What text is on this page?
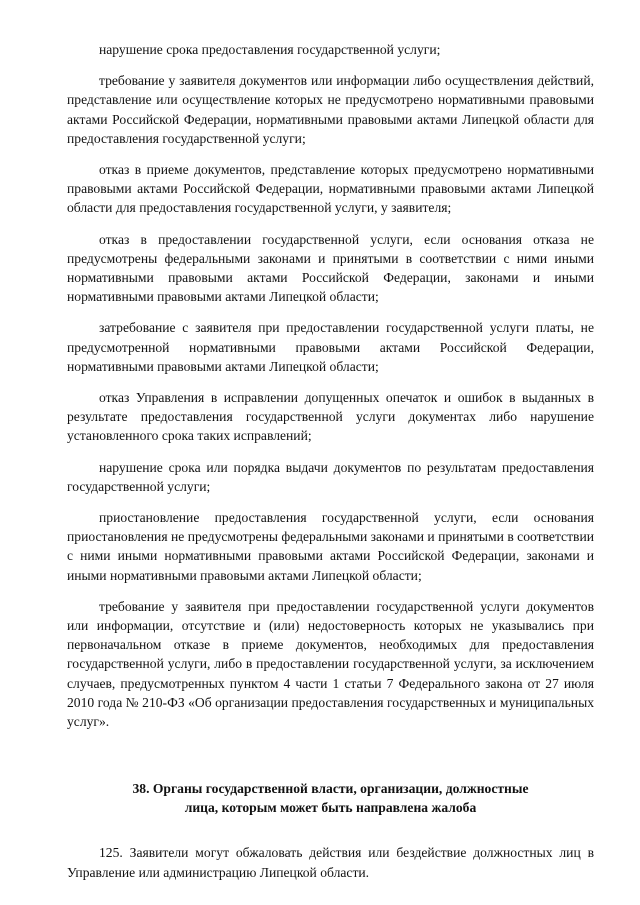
нарушение срока предоставления государственной услуги;

требование у заявителя документов или информации либо осуществления действий, представление или осуществление которых не предусмотрено нормативными правовыми актами Российской Федерации, нормативными правовыми актами Липецкой области для предоставления государственной услуги;

отказ в приеме документов, представление которых предусмотрено нормативными правовыми актами Российской Федерации, нормативными правовыми актами Липецкой области для предоставления государственной услуги, у заявителя;

отказ в предоставлении государственной услуги, если основания отказа не предусмотрены федеральными законами и принятыми в соответствии с ними иными нормативными правовыми актами Российской Федерации, законами и иными нормативными правовыми актами Липецкой области;

затребование с заявителя при предоставлении государственной услуги платы, не предусмотренной нормативными правовыми актами Российской Федерации, нормативными правовыми актами Липецкой области;

отказ Управления в исправлении допущенных опечаток и ошибок в выданных в результате предоставления государственной услуги документах либо нарушение установленного срока таких исправлений;

нарушение срока или порядка выдачи документов по результатам предоставления государственной услуги;

приостановление предоставления государственной услуги, если основания приостановления не предусмотрены федеральными законами и принятыми в соответствии с ними иными нормативными правовыми актами Российской Федерации, законами и иными нормативными правовыми актами Липецкой области;

требование у заявителя при предоставлении государственной услуги документов или информации, отсутствие и (или) недостоверность которых не указывались при первоначальном отказе в приеме документов, необходимых для предоставления государственной услуги, либо в предоставлении государственной услуги, за исключением случаев, предусмотренных пунктом 4 части 1 статьи 7 Федерального закона от 27 июля 2010 года № 210-ФЗ «Об организации предоставления государственных и муниципальных услуг».

38. Органы государственной власти, организации, должностные
лица, которым может быть направлена жалоба

125. Заявители могут обжаловать действия или бездействие должностных лиц в Управление или администрацию Липецкой области.
